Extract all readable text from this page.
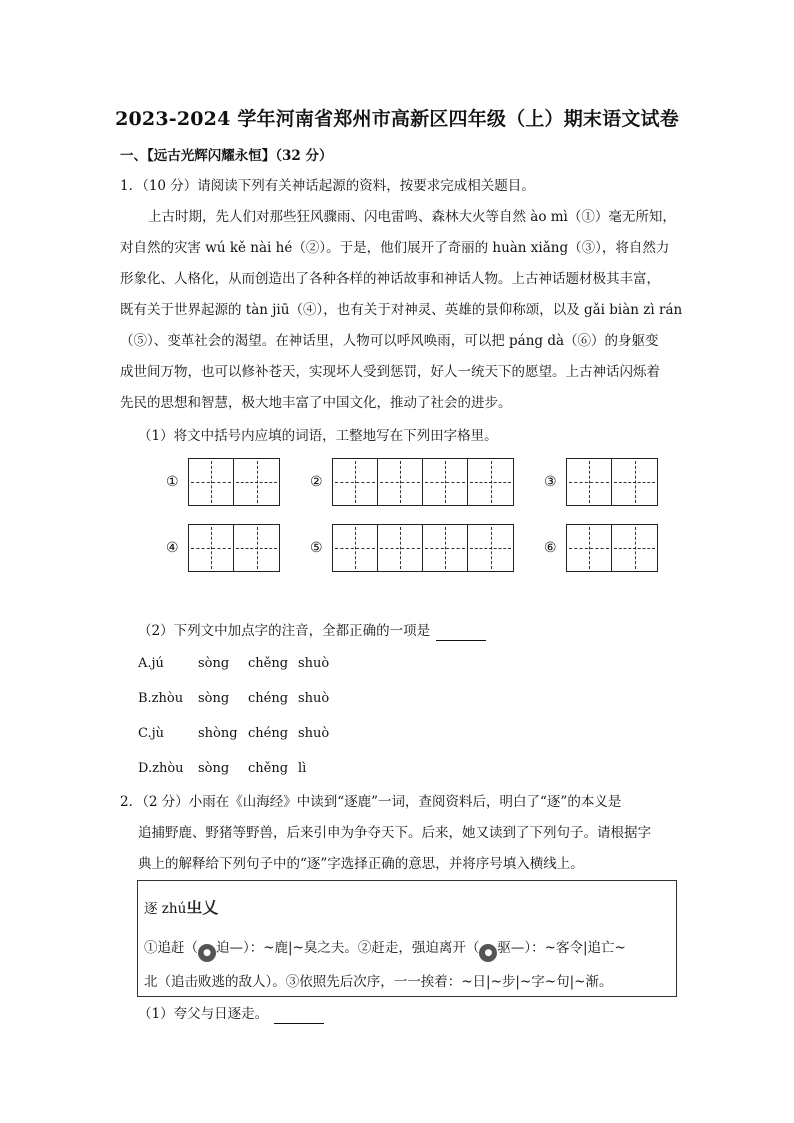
2023-2024 学年河南省郑州市高新区四年级（上）期末语文试卷
一、【远古光辉闪耀永恒】（32 分）
1．（10 分）请阅读下列有关神话起源的资料，按要求完成相关题目。
上古时期，先人们对那些狂风骤雨、闪电雷鸣、森林大火等自然 ào mì（①）毫无所知，
对自然的灾害 wú kě nài hé（②）。于是，他们展开了奇丽的 huàn xiǎng（③），将自然力
形象化、人格化，从而创造出了各种各样的神话故事和神话人物。上古神话题材极其丰富，
既有关于世界起源的 tàn jiū（④），也有关于对神灵、英雄的景仰称颂，以及 gǎi biàn zì rán
（⑤）、变革社会的渴望。在神话里，人物可以呼风唤雨，可以把 páng dà（⑥）的身躯变
成世间万物，也可以修补苍天，实现坏人受到惩罚，好人一统天下的愿望。上古神话闪烁着
先民的思想和智慧，极大地丰富了中国文化，推动了社会的进步。
（1）将文中括号内应填的词语，工整地写在下列田字格里。
①	②	③
④	⑤	⑥
（2）下列文中加点字的注音，全都正确的一项是
A.jú	sòng	chěng shuò
B.zhòu	sòng	chéng shuò
C.jù	shòng chéng shuò
D.zhòu	sòng	chěng lì
2．（2 分）小雨在《山海经》中读到“逐鹿”一词，查阅资料后，明白了“逐”的本义是
追捕野鹿、野猪等野兽，后来引申为争夺天下。后来，她又读到了下列句子。请根据字
典上的解释给下列句子中的“逐”字选择正确的意思，并将序号填入横线上。
逐 zhú㞢乂
①追赶（ ● 迫—）：~鹿|~臭之夫。②赶走，强迫离开（ ● 驱—）：~客令|追亡~
北（追击败逃的敌人）。③依照先后次序，一一挨着：~日|~步|~字~句|~渐。
（1）夸父与日逐走。
